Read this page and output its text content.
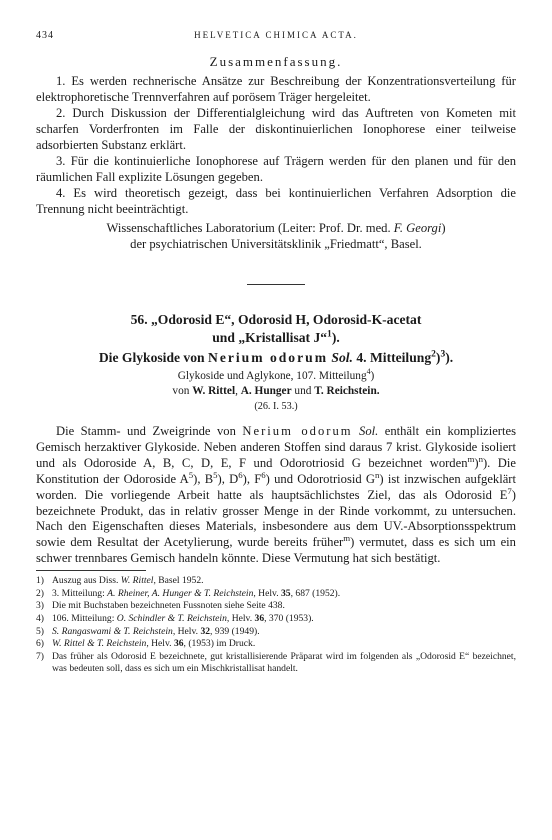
434	HELVETICA CHIMICA ACTA.
Zusammenfassung.

1. Es werden rechnerische Ansätze zur Beschreibung der Konzentrationsverteilung für elektrophoretische Trennverfahren auf porösem Träger hergeleitet.

2. Durch Diskussion der Differentialgleichung wird das Auftreten von Kometen mit scharfen Vorderfronten im Falle der diskontinuierlichen Ionophorese einer teilweise adsorbierten Substanz erklärt.

3. Für die kontinuierliche Ionophorese auf Trägern werden für den planen und für den räumlichen Fall explizite Lösungen gegeben.

4. Es wird theoretisch gezeigt, dass bei kontinuierlichen Verfahren Adsorption die Trennung nicht beeinträchtigt.

Wissenschaftliches Laboratorium (Leiter: Prof. Dr. med. F. Georgi)
der psychiatrischen Universitätsklinik „Friedmatt“, Basel.
56. „Odorosid E“, Odorosid H, Odorosid-K-acetat
und „Kristallisat J“$^1$).
Die Glykoside von Nerium odorum Sol. 4. Mitteilung$^2$)$^3$).
Glykoside und Aglykone, 107. Mitteilung$^4$)
von W. Rittel, A. Hunger und T. Reichstein.
(26. I. 53.)

Die Stamm- und Zweigrinde von Nerium odorum Sol. enthält ein kompliziertes Gemisch herzaktiver Glykoside. Neben anderen Stoffen sind daraus 7 krist. Glykoside isoliert und als Odoroside A, B, C, D, E, F und Odorotriosid G bezeichnet worden$^m$)$^n$). Die Konstitution der Odoroside $A^5$), $B^5$), $D^6$), $F^6$) und Odorotriosid $G^n$) ist inzwischen aufgeklärt worden. Die vorliegende Arbeit hatte als hauptsächlichstes Ziel, das als Odorosid $E^7$) bezeichnete Produkt, das in relativ grosser Menge in der Rinde vorkommt, zu untersuchen. Nach den Eigenschaften dieses Materials, insbesondere aus dem UV.-Absorptionsspektrum sowie dem Resultat der Acetylierung, wurde bereits früher$^m$) vermutet, dass es sich um ein schwer trennbares Gemisch handeln könnte. Diese Vermutung hat sich bestätigt.

1) Auszug aus Diss. W. Rittel, Basel 1952.
2) 3. Mitteilung: A. Rheiner, A. Hunger & T. Reichstein, Helv. 35, 687 (1952).
3) Die mit Buchstaben bezeichneten Fussnoten siehe Seite 438.
4) 106. Mitteilung: O. Schindler & T. Reichstein, Helv. 36, 370 (1953).
5) S. Rangaswami & T. Reichstein, Helv. 32, 939 (1949).
6) W. Rittel & T. Reichstein, Helv. 36, (1953) im Druck.
7) Das früher als Odorosid E bezeichnete, gut kristallisierende Präparat wird im folgenden als „Odorosid E“ bezeichnet, was bedeuten soll, dass es sich um ein Mischkristallisat handelt.
